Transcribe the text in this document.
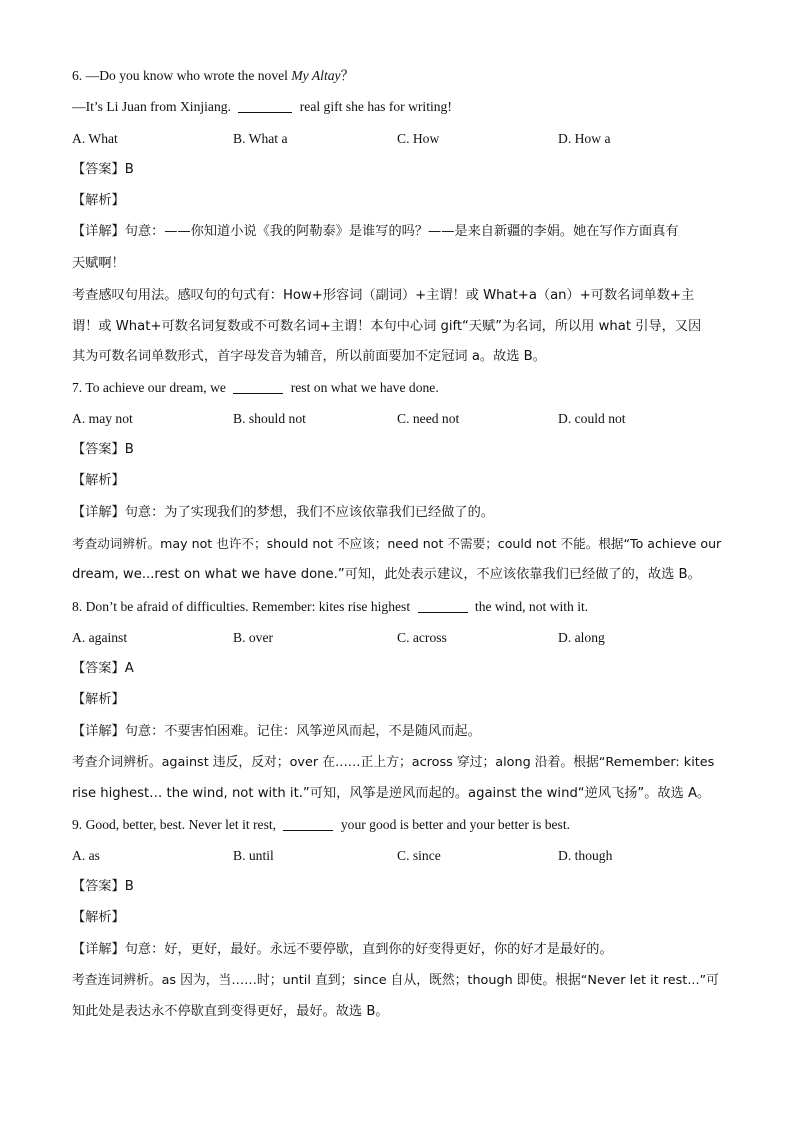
6. —Do you know who wrote the novel My Altay？
—It’s Li Juan from Xinjiang.	real gift she has for writing!
A. What	B. What a	C. How	D. How a
【答案】B
【解析】
【详解】句意：——你知道小说《我的阿勒泰》是谁写的吗？——是来自新疆的李娟。她在写作方面真有
天赋啊！
考查感叹句用法。感叹句的句式有：How+形容词（副词）+主谓！或 What+a（an）+可数名词单数+主
谓！或 What+可数名词复数或不可数名词+主谓！本句中心词 gift“天赋”为名词，所以用 what 引导，又因
其为可数名词单数形式，首字母发音为辅音，所以前面要加不定冠词 a。故选 B。
7. To achieve our dream, we	rest on what we have done.
A. may not	B. should not	C. need not	D. could not
【答案】B
【解析】
【详解】句意：为了实现我们的梦想，我们不应该依靠我们已经做了的。
考查动词辨析。may not 也许不；should not 不应该；need not 不需要；could not 不能。根据“To achieve our
dream, we...rest on what we have done.”可知，此处表示建议，不应该依靠我们已经做了的，故选 B。
8. Don’t be afraid of difficulties. Remember: kites rise highest	the wind, not with it.
A. against	B. over	C. across	D. along
【答案】A
【解析】
【详解】句意：不要害怕困难。记住：风筝逆风而起，不是随风而起。
考查介词辨析。against 违反，反对；over 在……正上方；across 穿过；along 沿着。根据“Remember: kites
rise highest… the wind, not with it.”可知，风筝是逆风而起的。against the wind“逆风飞扬”。故选 A。
9. Good, better, best. Never let it rest,	your good is better and your better is best.
A. as	B. until	C. since	D. though
【答案】B
【解析】
【详解】句意：好，更好，最好。永远不要停歇，直到你的好变得更好，你的好才是最好的。
考查连词辨析。as 因为，当……时；until 直到；since 自从，既然；though 即使。根据“Never let it rest...”可
知此处是表达永不停歇直到变得更好，最好。故选 B。
